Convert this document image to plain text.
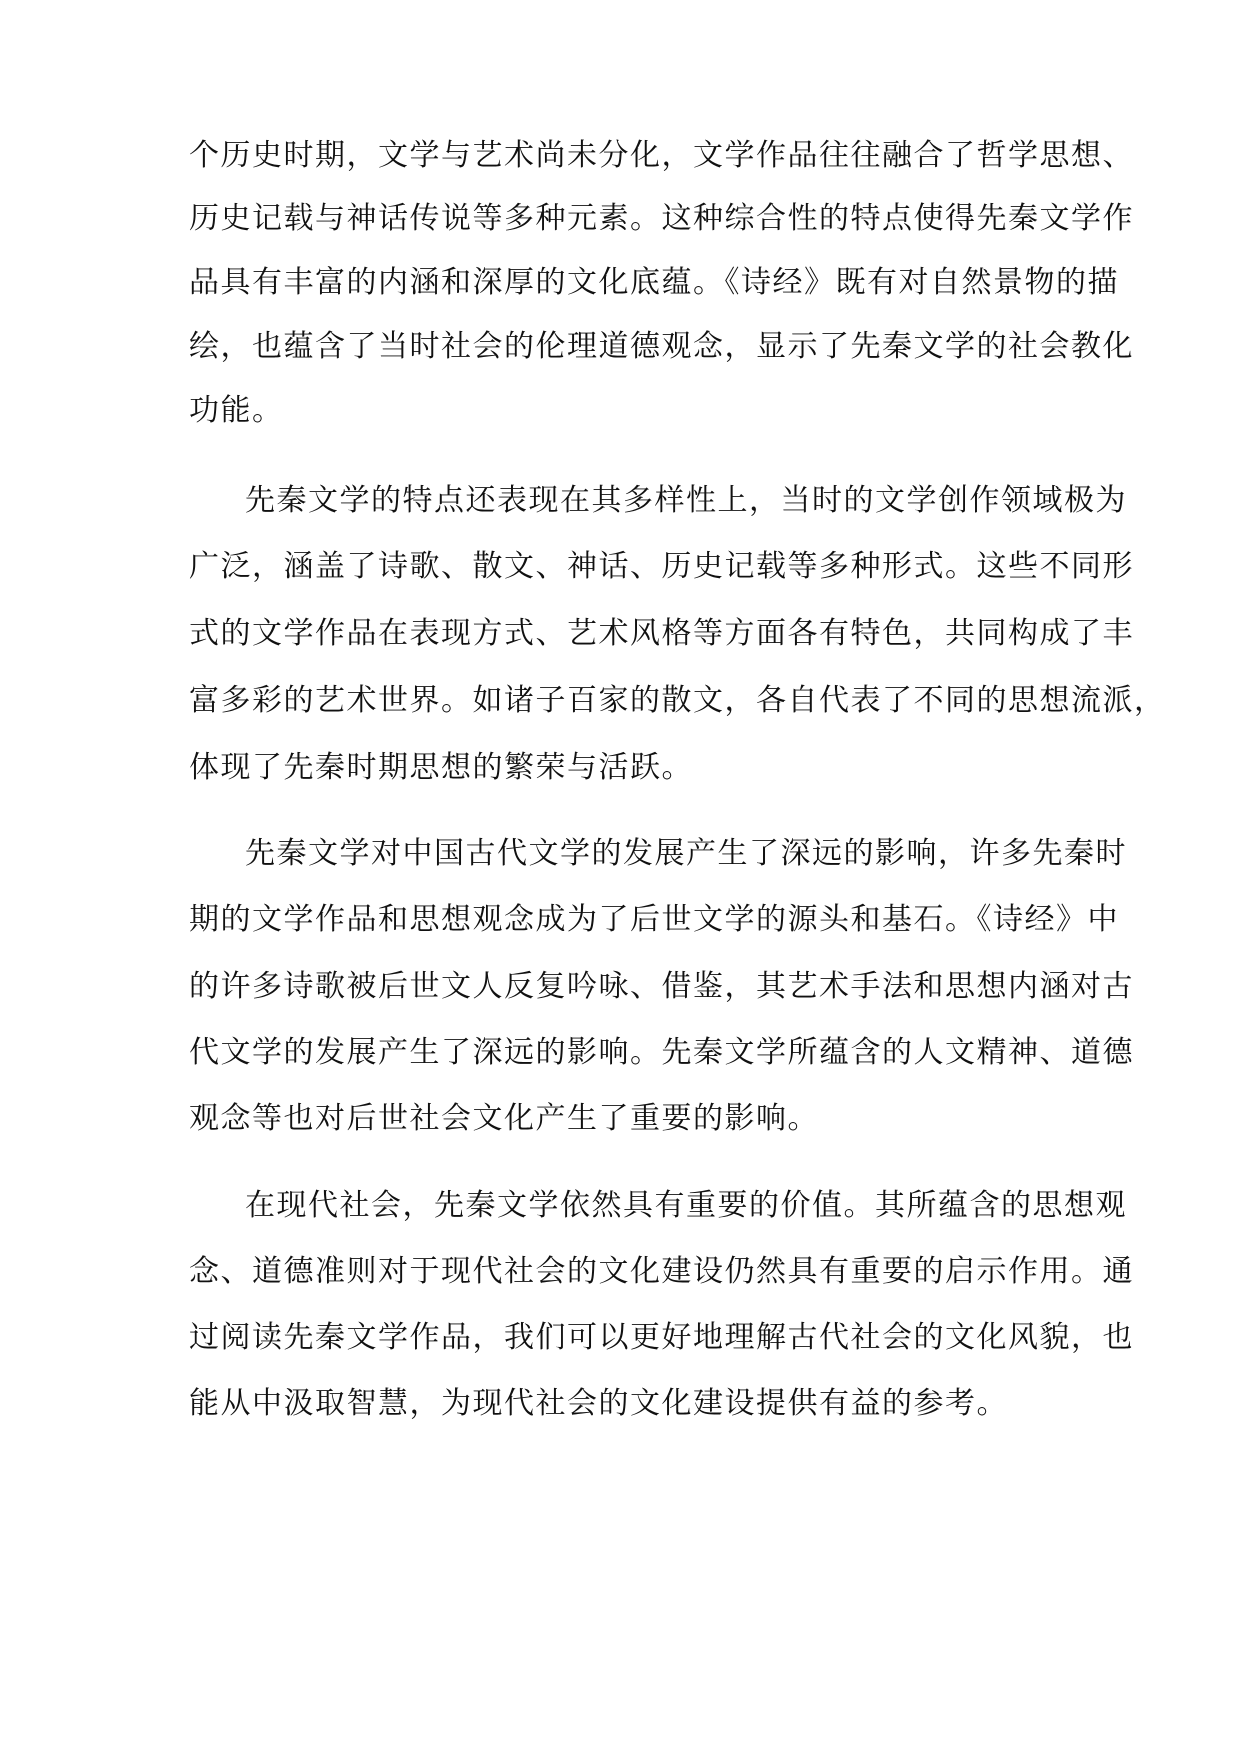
个历史时期，文学与艺术尚未分化，文学作品往往融合了哲学思想、
历史记载与神话传说等多种元素。这种综合性的特点使得先秦文学作
品具有丰富的内涵和深厚的文化底蕴。《诗经》既有对自然景物的描
绘，也蕴含了当时社会的伦理道德观念，显示了先秦文学的社会教化
功能。
先秦文学的特点还表现在其多样性上，当时的文学创作领域极为
广泛，涵盖了诗歌、散文、神话、历史记载等多种形式。这些不同形
式的文学作品在表现方式、艺术风格等方面各有特色，共同构成了丰
富多彩的艺术世界。如诸子百家的散文，各自代表了不同的思想流派，
体现了先秦时期思想的繁荣与活跃。
先秦文学对中国古代文学的发展产生了深远的影响，许多先秦时
期的文学作品和思想观念成为了后世文学的源头和基石。《诗经》中
的许多诗歌被后世文人反复吟咏、借鉴，其艺术手法和思想内涵对古
代文学的发展产生了深远的影响。先秦文学所蕴含的人文精神、道德
观念等也对后世社会文化产生了重要的影响。
在现代社会，先秦文学依然具有重要的价值。其所蕴含的思想观
念、道德准则对于现代社会的文化建设仍然具有重要的启示作用。通
过阅读先秦文学作品，我们可以更好地理解古代社会的文化风貌，也
能从中汲取智慧，为现代社会的文化建设提供有益的参考。
